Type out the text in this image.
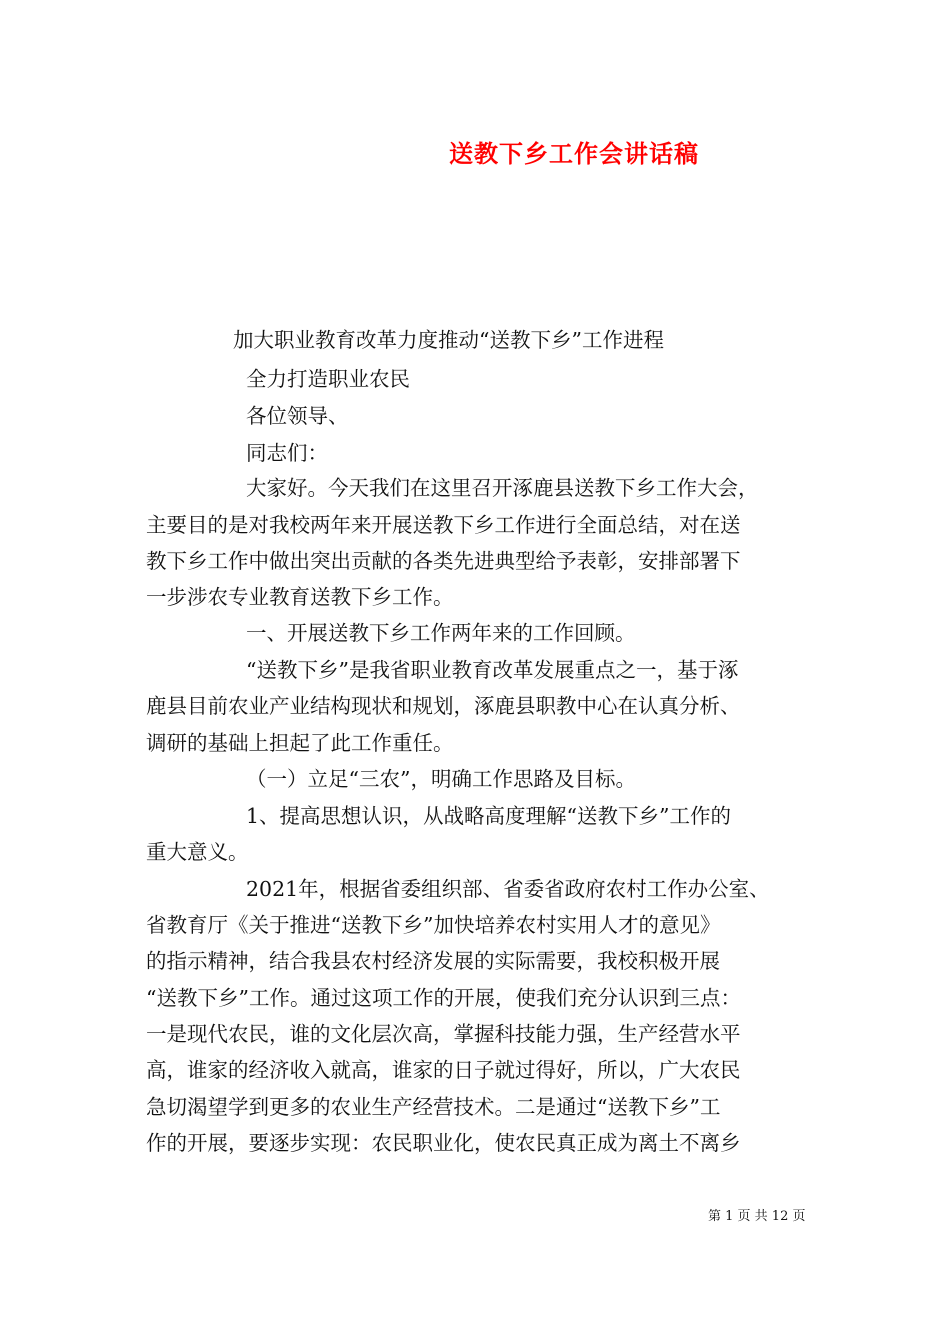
送教下乡工作会讲话稿

加大职业教育改革力度推动“送教下乡”工作进程

全力打造职业农民

各位领导、

同志们：

大家好。今天我们在这里召开涿鹿县送教下乡工作大会，

主要目的是对我校两年来开展送教下乡工作进行全面总结，对在送

教下乡工作中做出突出贡献的各类先进典型给予表彰，安排部署下

一步涉农专业教育送教下乡工作。

一、开展送教下乡工作两年来的工作回顾。

“送教下乡”是我省职业教育改革发展重点之一，基于涿

鹿县目前农业产业结构现状和规划，涿鹿县职教中心在认真分析、

调研的基础上担起了此工作重任。

（一）立足“三农”，明确工作思路及目标。

1、提高思想认识，从战略高度理解“送教下乡”工作的

重大意义。

2021年，根据省委组织部、省委省政府农村工作办公室、

省教育厅《关于推进“送教下乡”加快培养农村实用人才的意见》

的指示精神，结合我县农村经济发展的实际需要，我校积极开展

“送教下乡”工作。通过这项工作的开展，使我们充分认识到三点：

一是现代农民，谁的文化层次高，掌握科技能力强，生产经营水平

高，谁家的经济收入就高，谁家的日子就过得好，所以，广大农民

急切渴望学到更多的农业生产经营技术。二是通过“送教下乡”工

作的开展，要逐步实现：农民职业化，使农民真正成为离土不离乡

第 1 页 共 12 页
